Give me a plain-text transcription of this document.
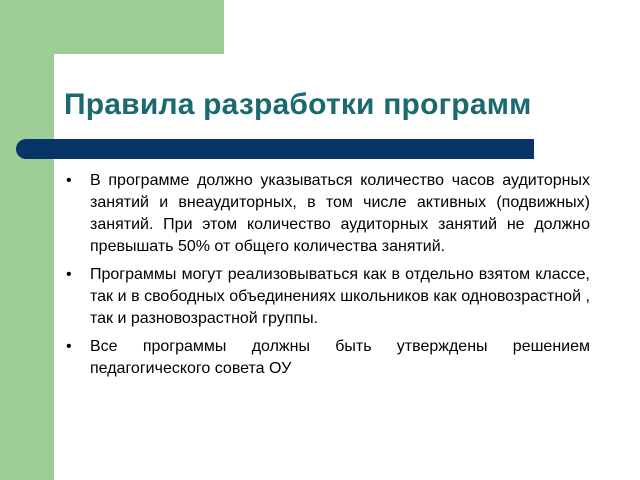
Правила разработки программ
• В программе должно указываться количество часов аудиторных занятий и внеаудиторных, в том числе активных (подвижных) занятий. При этом количество аудиторных занятий не должно превышать 50% от общего количества занятий.
• Программы могут реализовываться как в отдельно взятом классе, так и в свободных объединениях школьников как одновозрастной , так и разновозрастной группы.
• Все программы должны быть утверждены решением педагогического совета ОУ
